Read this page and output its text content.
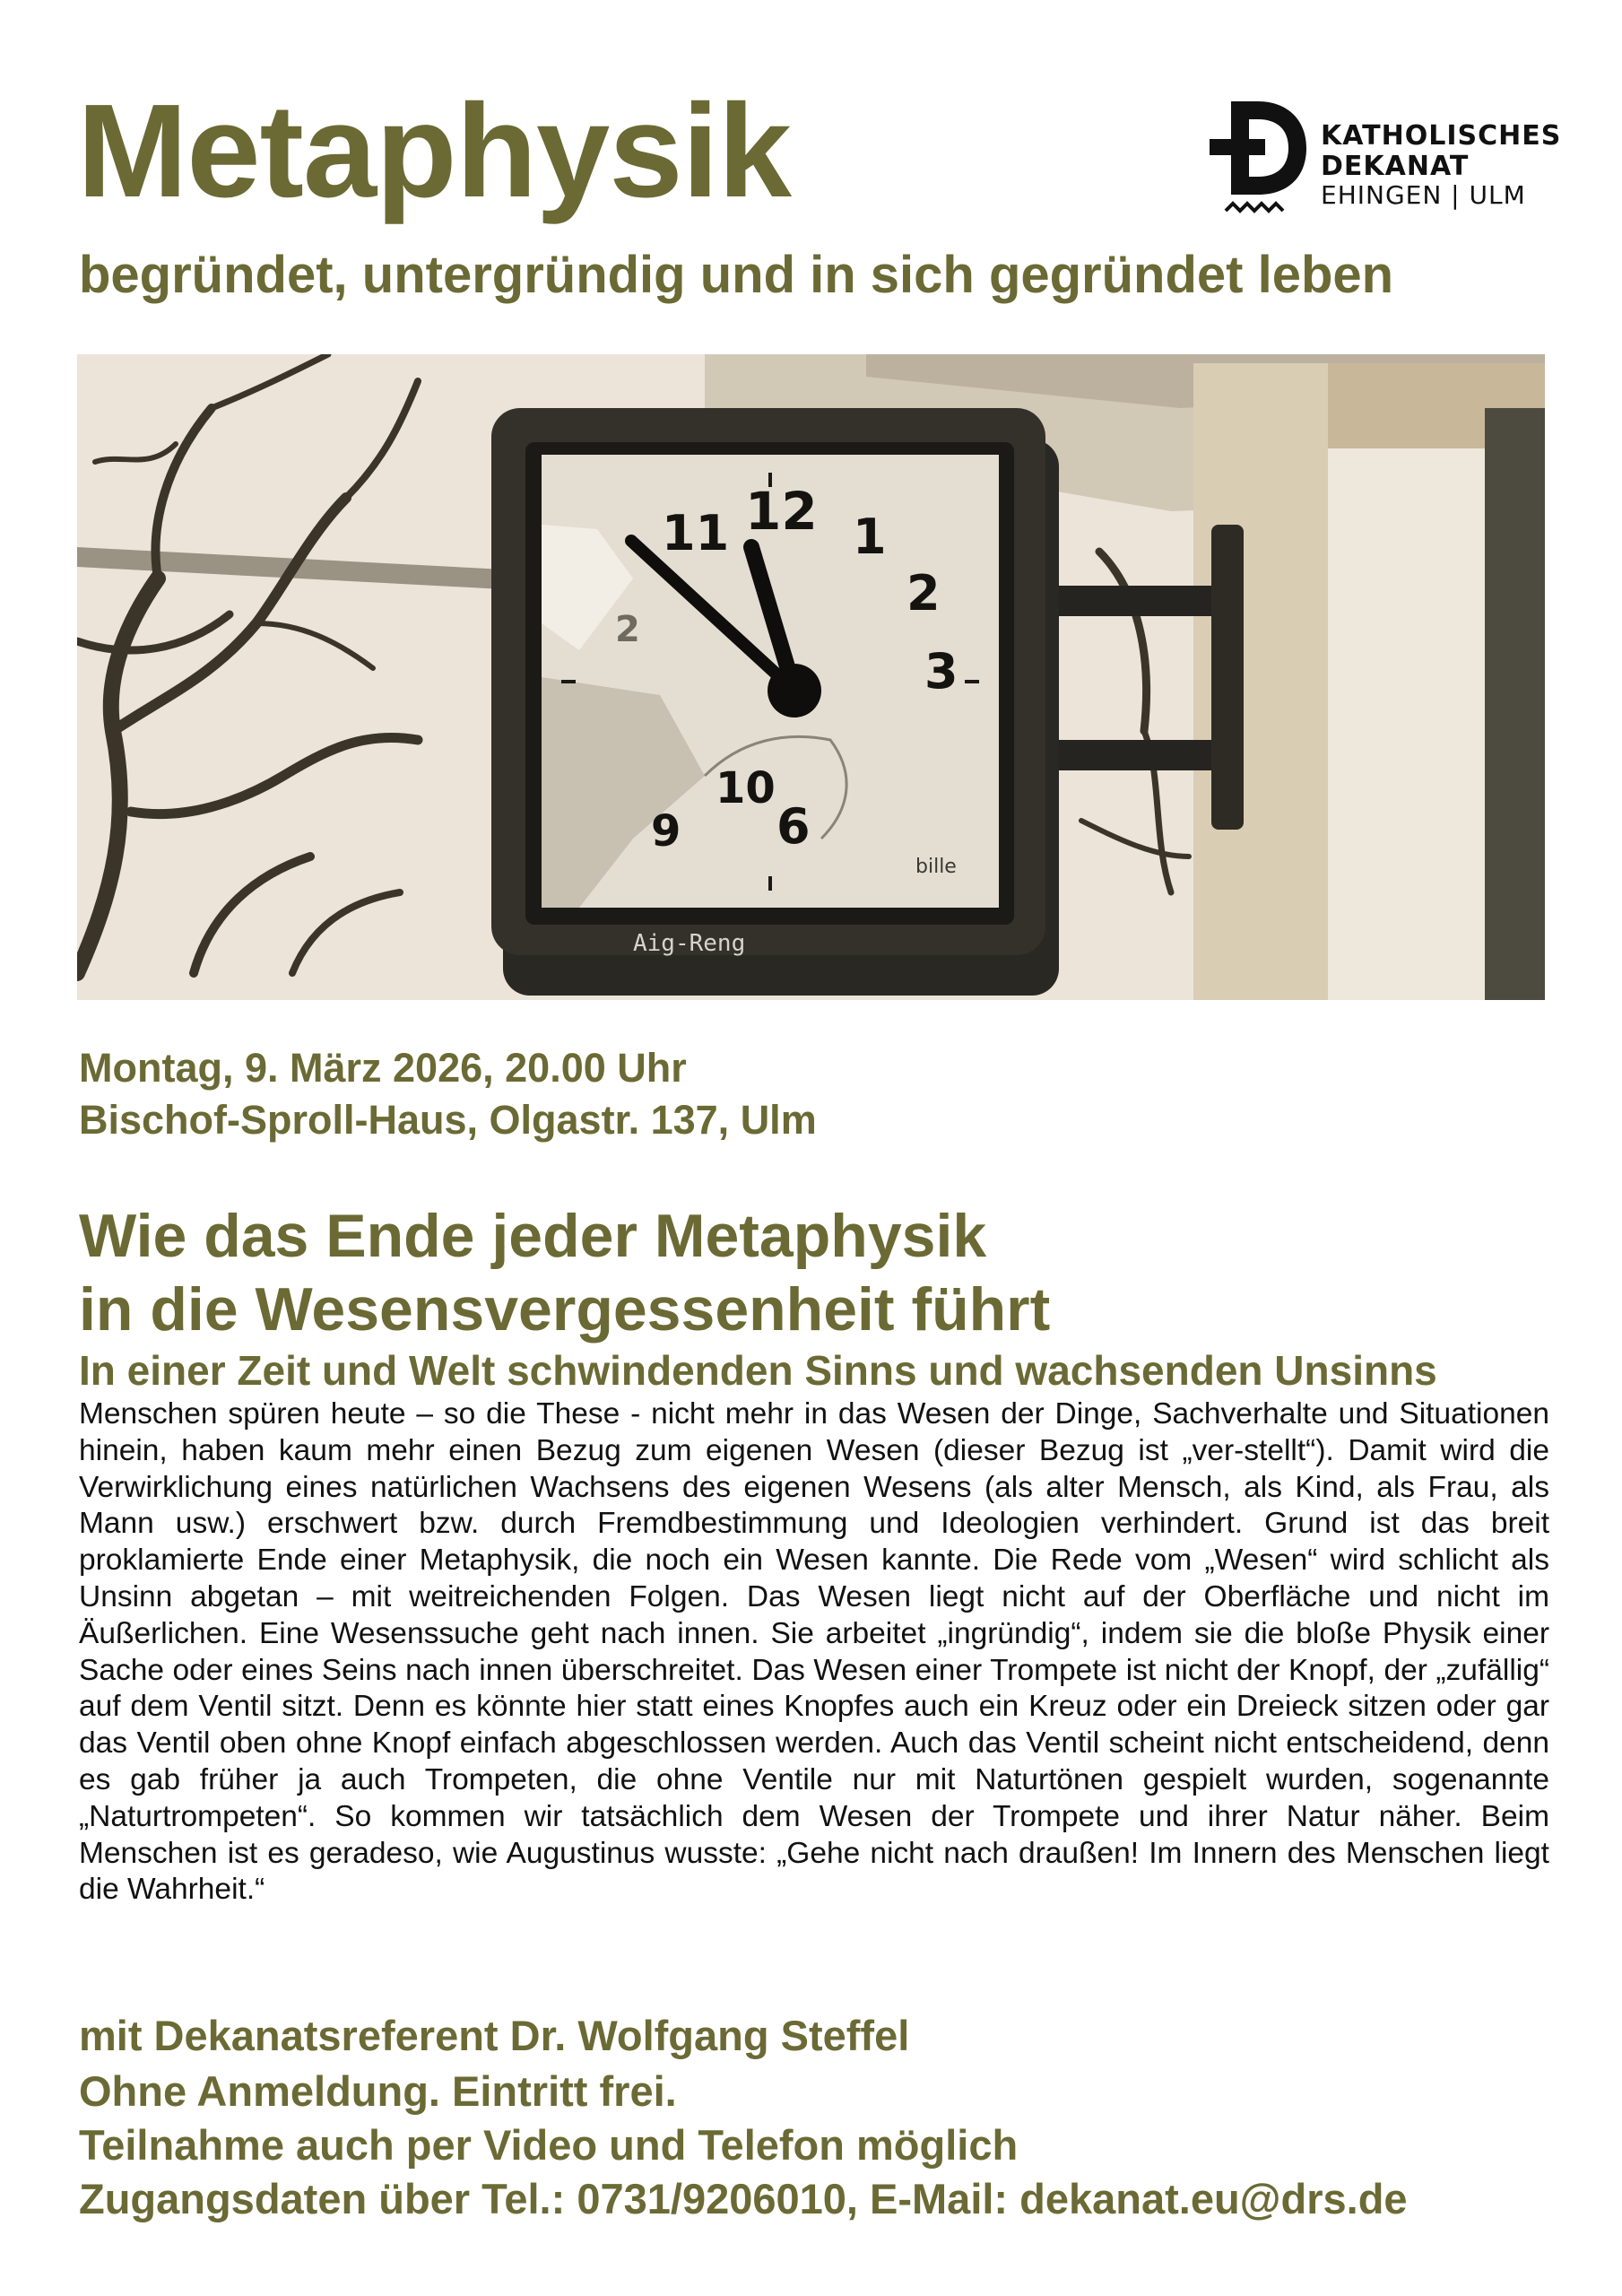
Metaphysik
begründet, untergründig und in sich gegründet leben
KATHOLISCHES
DEKANAT
EHINGEN | ULM
12
11	1
2
3
6
10
9
2
bille
Aig-Reng

Montag, 9. März 2026, 20.00 Uhr

Bischof-Sproll-Haus, Olgastr. 137, Ulm

Wie das Ende jeder Metaphysik
in die Wesensvergessenheit führt
In einer Zeit und Welt schwindenden Sinns und wachsenden Unsinns

Menschen spüren heute – so die These - nicht mehr in das Wesen der Dinge, Sachverhalte und Situationen hinein, haben kaum mehr einen Bezug zum eigenen Wesen (dieser Bezug ist „ver-stellt“). Damit wird die Verwirklichung eines natürlichen Wachsens des eigenen Wesens (als alter Mensch, als Kind, als Frau, als Mann usw.) erschwert bzw. durch Fremdbestimmung und Ideologien verhindert. Grund ist das breit proklamierte Ende einer Metaphysik, die noch ein Wesen kannte. Die Rede vom „Wesen“ wird schlicht als Unsinn abgetan – mit weitreichenden Folgen. Das Wesen liegt nicht auf der Oberfläche und nicht im Äußerlichen. Eine Wesenssuche geht nach innen. Sie arbeitet „ingründig“, indem sie die bloße Physik einer Sache oder eines Seins nach innen überschreitet. Das Wesen einer Trompete ist nicht der Knopf, der „zufällig“ auf dem Ventil sitzt. Denn es könnte hier statt eines Knopfes auch ein Kreuz oder ein Dreieck sitzen oder gar das Ventil oben ohne Knopf einfach abgeschlossen werden. Auch das Ventil scheint nicht entscheidend, denn es gab früher ja auch Trompeten, die ohne Ventile nur mit Naturtönen gespielt wurden, sogenannte „Naturtrompeten“. So kommen wir tatsächlich dem Wesen der Trompete und ihrer Natur näher. Beim Menschen ist es geradeso, wie Augustinus wusste: „Gehe nicht nach draußen! Im Innern des Menschen liegt die Wahrheit.“

mit Dekanatsreferent Dr. Wolfgang Steffel

Ohne Anmeldung. Eintritt frei.

Teilnahme auch per Video und Telefon möglich

Zugangsdaten über Tel.: 0731/9206010, E-Mail: dekanat.eu@drs.de
